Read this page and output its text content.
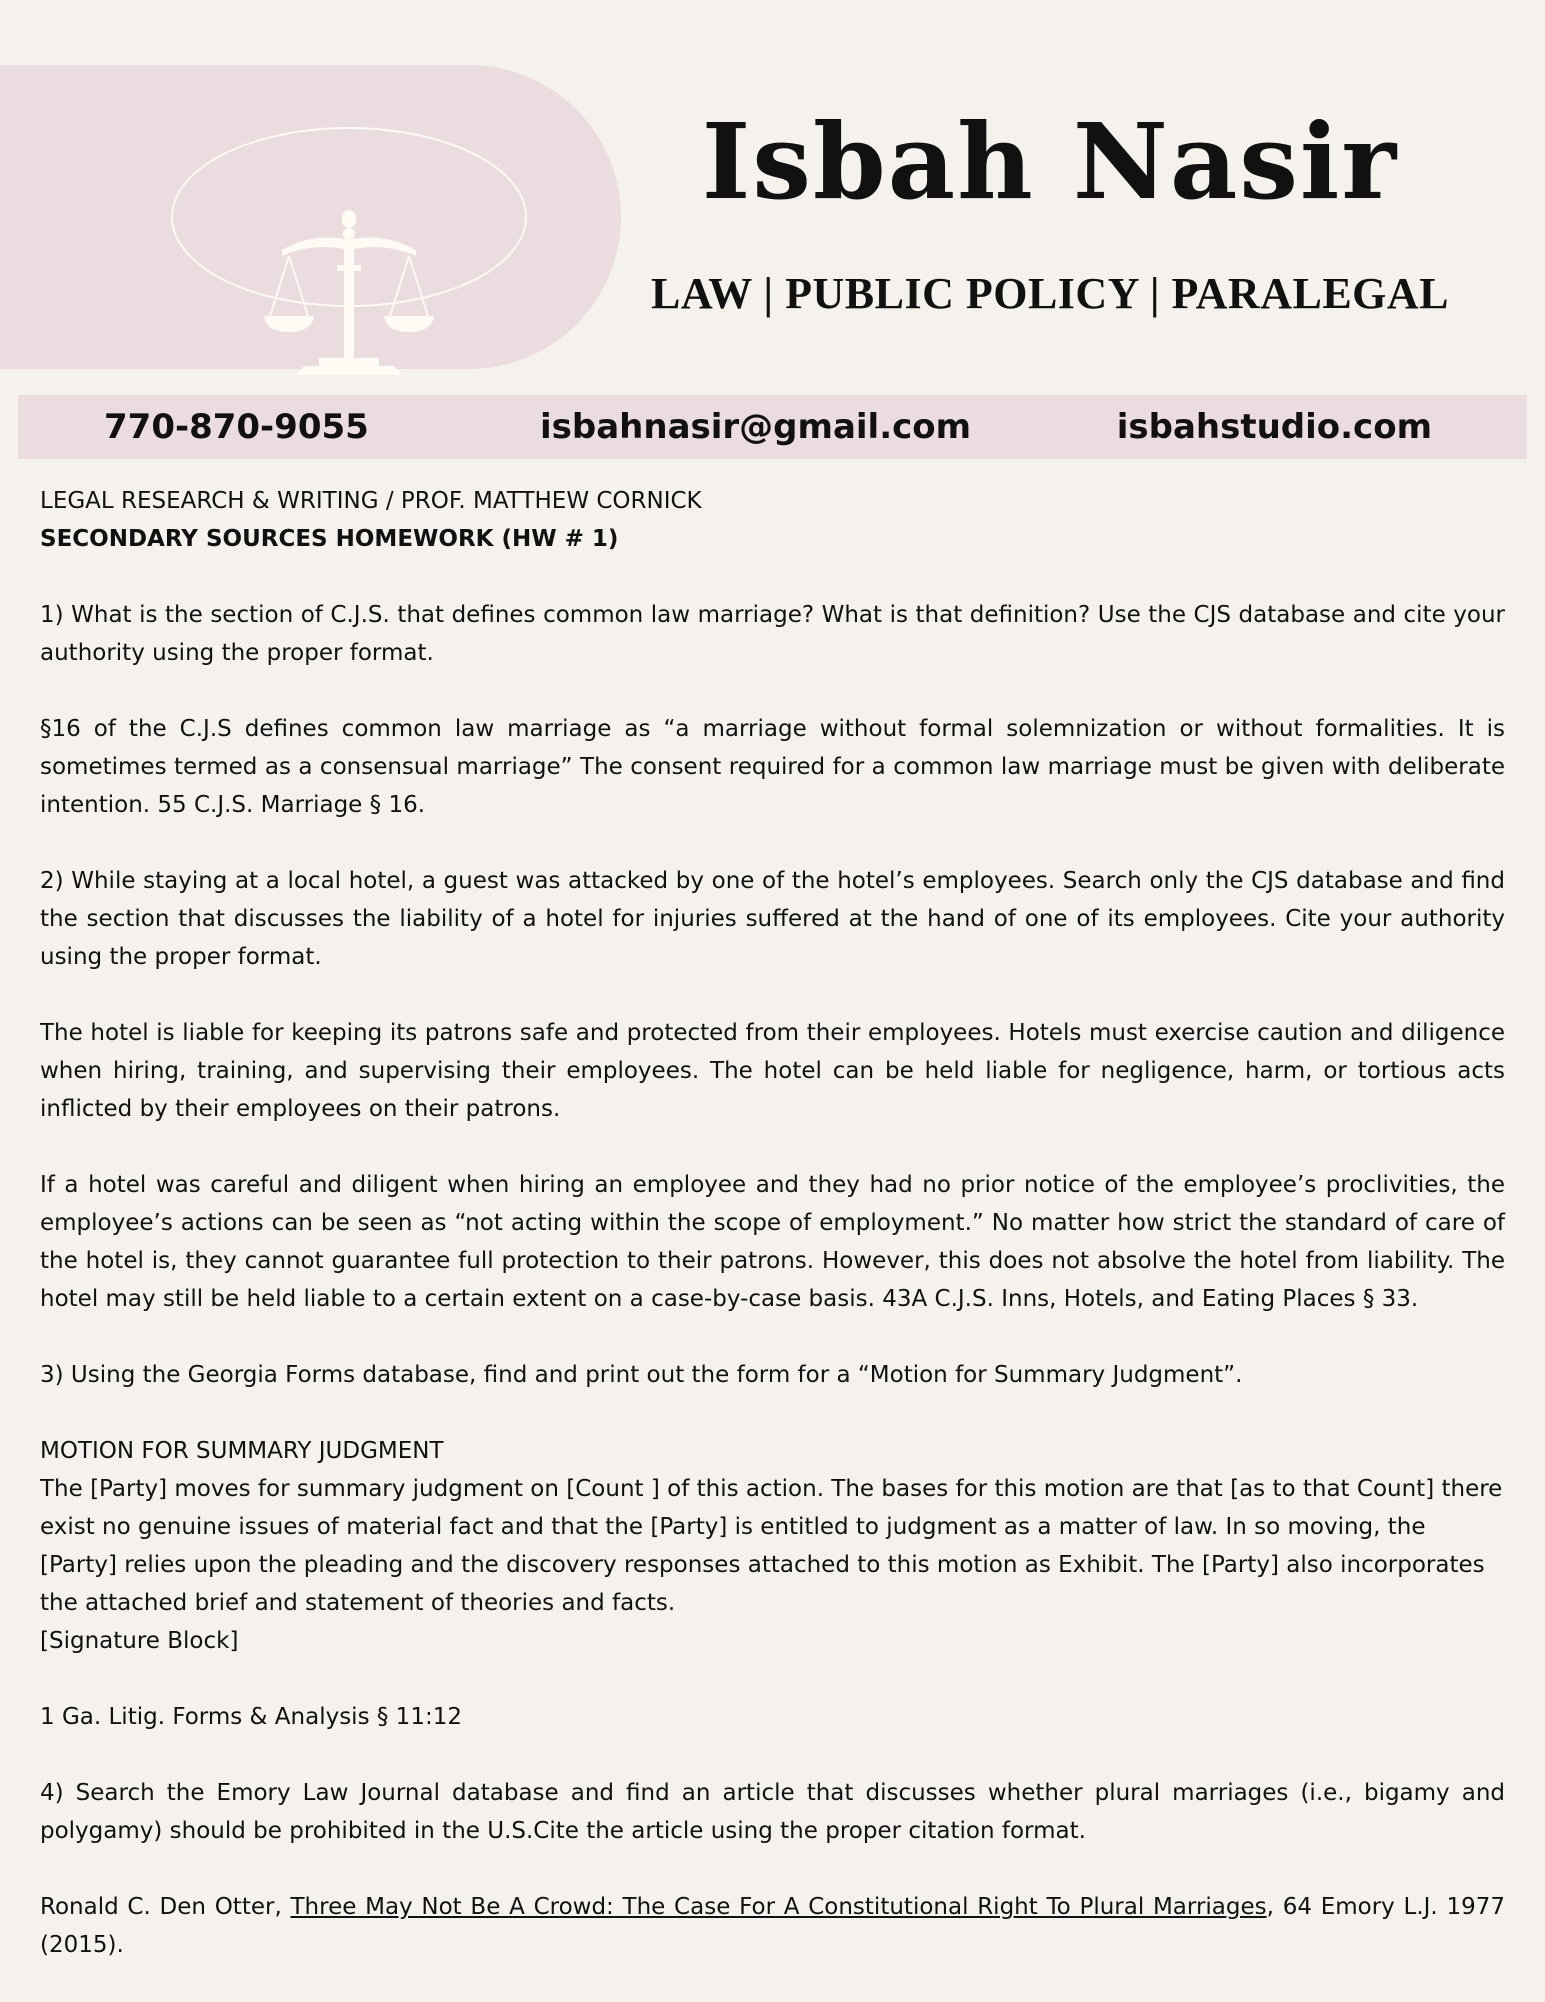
Isbah Nasir
LAW | PUBLIC POLICY | PARALEGAL
770-870-9055	isbahnasir@gmail.com	isbahstudio.com

LEGAL RESEARCH & WRITING / PROF. MATTHEW CORNICK

SECONDARY SOURCES HOMEWORK (HW # 1)

1) What is the section of C.J.S. that defines common law marriage? What is that definition? Use the CJS database and cite your authority using the proper format.

§16 of the C.J.S defines common law marriage as “a marriage without formal solemnization or without formalities. It is sometimes termed as a consensual marriage” The consent required for a common law marriage must be given with deliberate intention. 55 C.J.S. Marriage § 16.

2) While staying at a local hotel, a guest was attacked by one of the hotel’s employees. Search only the CJS database and find the section that discusses the liability of a hotel for injuries suffered at the hand of one of its employees. Cite your authority using the proper format.

The hotel is liable for keeping its patrons safe and protected from their employees. Hotels must exercise caution and diligence when hiring, training, and supervising their employees. The hotel can be held liable for negligence, harm, or tortious acts inflicted by their employees on their patrons.

If a hotel was careful and diligent when hiring an employee and they had no prior notice of the employee’s proclivities, the employee’s actions can be seen as “not acting within the scope of employment.” No matter how strict the standard of care of the hotel is, they cannot guarantee full protection to their patrons. However, this does not absolve the hotel from liability. The hotel may still be held liable to a certain extent on a case-by-case basis. 43A C.J.S. Inns, Hotels, and Eating Places § 33.

3) Using the Georgia Forms database, find and print out the form for a “Motion for Summary Judgment”.

MOTION FOR SUMMARY JUDGMENT

The [Party] moves for summary judgment on [Count ] of this action. The bases for this motion are that [as to that Count] there exist no genuine issues of material fact and that the [Party] is entitled to judgment as a matter of law. In so moving, the [Party] relies upon the pleading and the discovery responses attached to this motion as Exhibit. The [Party] also incorporates the attached brief and statement of theories and facts.

[Signature Block]

1 Ga. Litig. Forms & Analysis § 11:12

4) Search the Emory Law Journal database and find an article that discusses whether plural marriages (i.e., bigamy and polygamy) should be prohibited in the U.S.Cite the article using the proper citation format.

Ronald C. Den Otter, Three May Not Be A Crowd: The Case For A Constitutional Right To Plural Marriages, 64 Emory L.J. 1977 (2015).
